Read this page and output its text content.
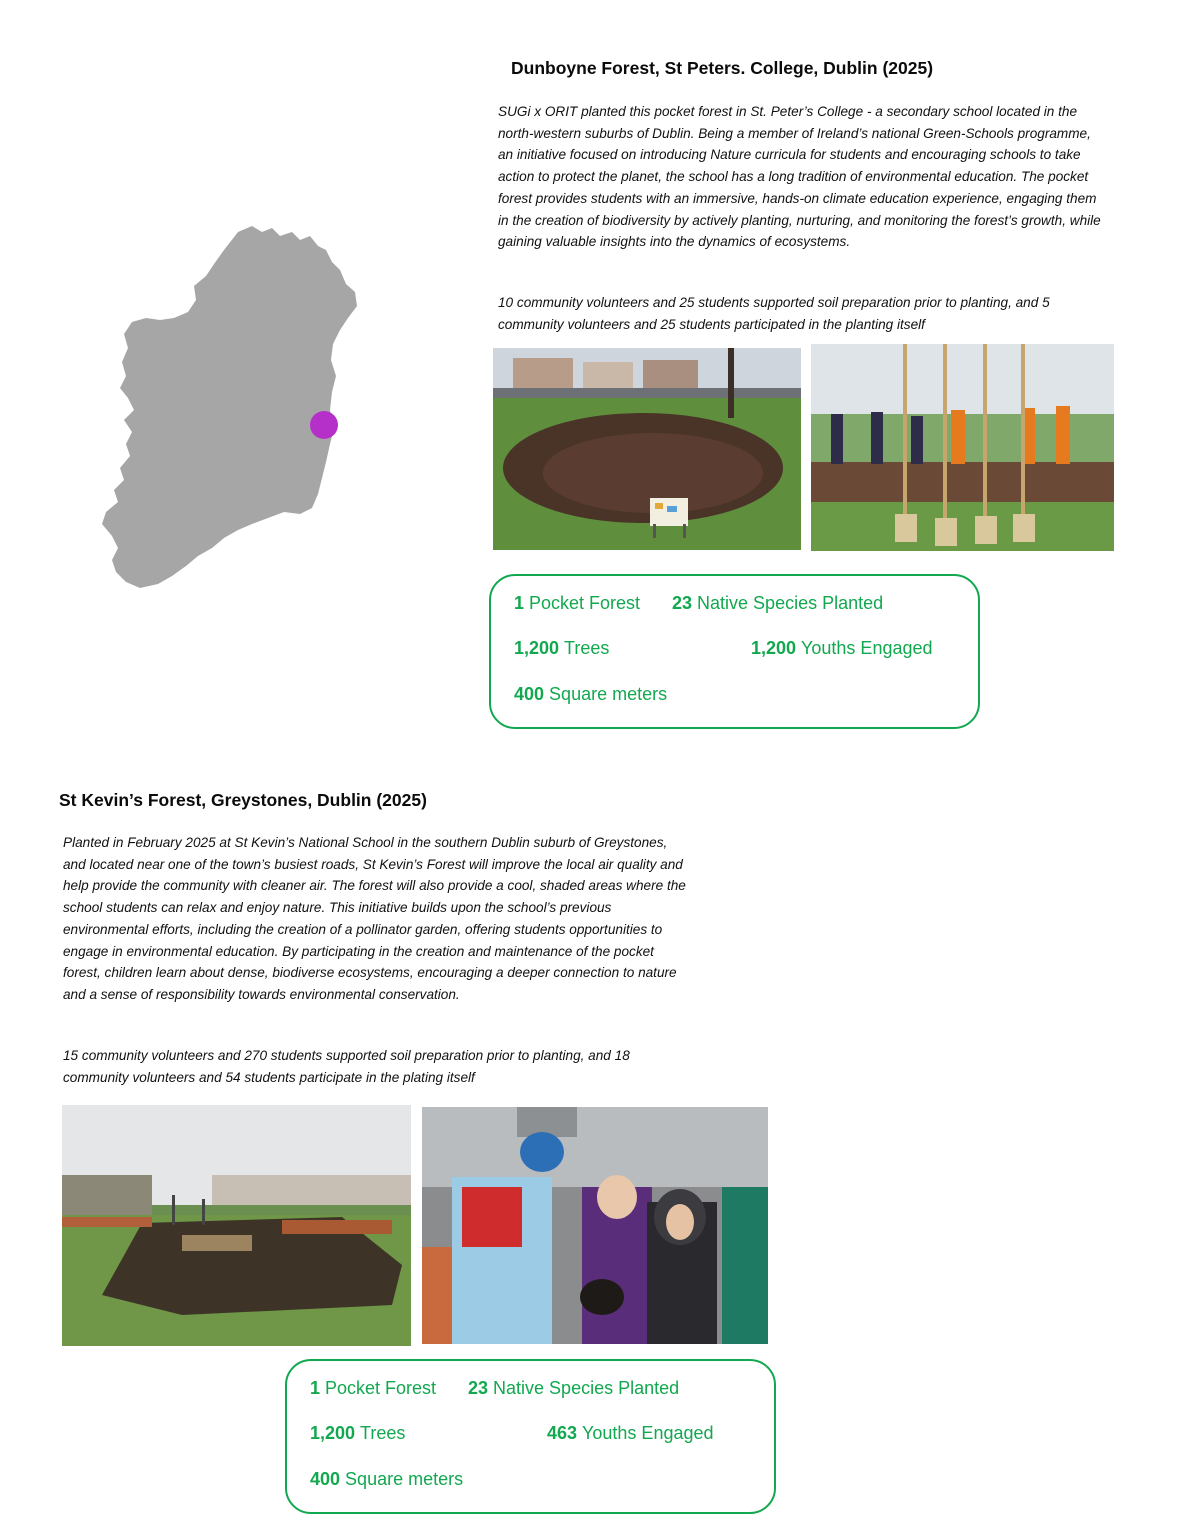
Dunboyne Forest, St Peters. College, Dublin (2025)

SUGi x ORIT planted this pocket forest in St. Peter’s College - a secondary school located in the north-western suburbs of Dublin. Being a member of Ireland’s national Green-Schools programme, an initiative focused on introducing Nature curricula for students and encouraging schools to take action to protect the planet, the school has a long tradition of environmental education. The pocket forest provides students with an immersive, hands-on climate education experience, engaging them in the creation of biodiversity by actively planting, nurturing, and monitoring the forest’s growth, while gaining valuable insights into the dynamics of ecosystems.

10 community volunteers and 25 students supported soil preparation prior to planting, and 5 community volunteers and 25 students participated in the planting itself

1 Pocket Forest 23 Native Species Planted
1,200 Trees	1,200 Youths Engaged
400 Square meters
St Kevin’s Forest, Greystones, Dublin (2025)

Planted in February 2025 at St Kevin’s National School in the southern Dublin suburb of Greystones, and located near one of the town’s busiest roads, St Kevin’s Forest will improve the local air quality and help provide the community with cleaner air. The forest will also provide a cool, shaded areas where the school students can relax and enjoy nature. This initiative builds upon the school’s previous environmental efforts, including the creation of a pollinator garden, offering students opportunities to engage in environmental education. By participating in the creation and maintenance of the pocket forest, children learn about dense, biodiverse ecosystems, encouraging a deeper connection to nature and a sense of responsibility towards environmental conservation.

15 community volunteers and 270 students supported soil preparation prior to planting, and 18 community volunteers and 54 students participate in the plating itself

1 Pocket Forest 23 Native Species Planted
1,200 Trees	463 Youths Engaged
400 Square meters
